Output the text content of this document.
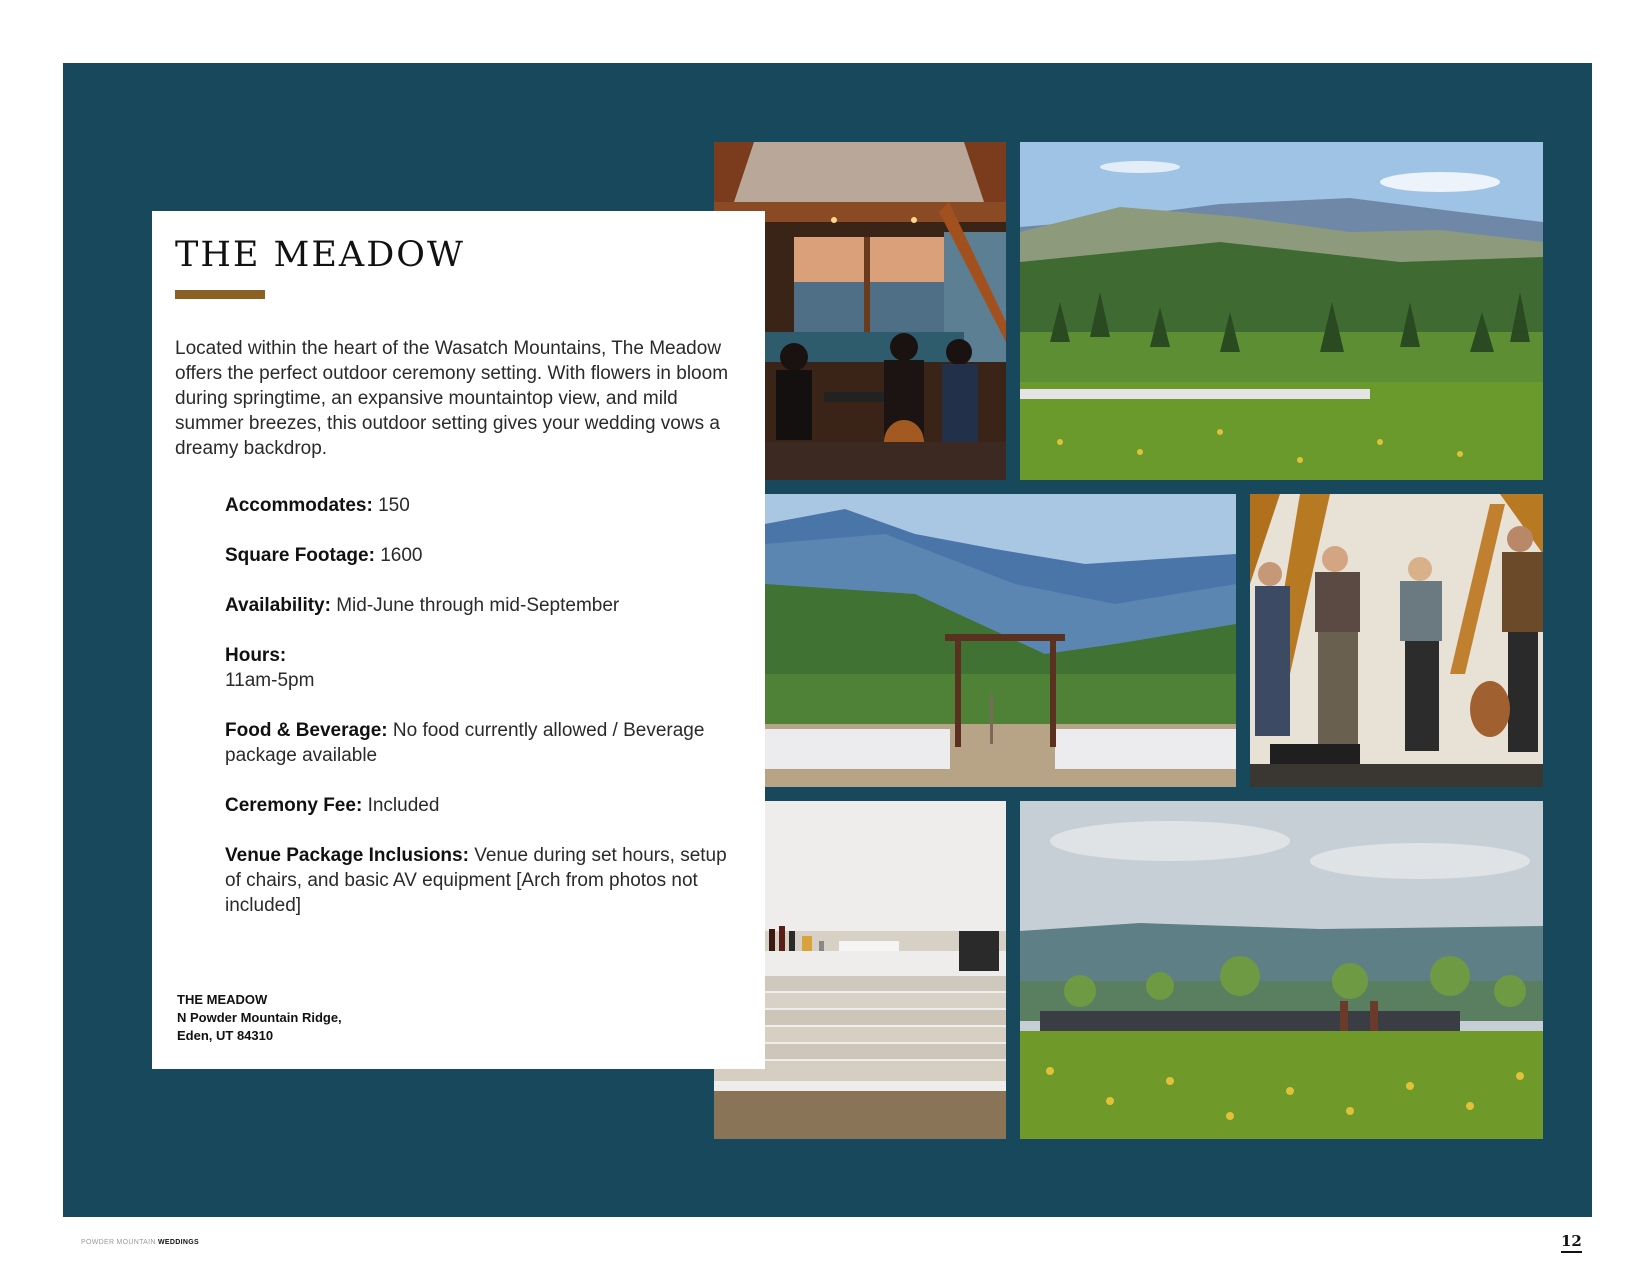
THE MEADOW

Located within the heart of the Wasatch Mountains, The Meadow offers the perfect outdoor ceremony setting. With flowers in bloom during springtime, an expansive mountaintop view, and mild summer breezes, this outdoor setting gives your wedding vows a dreamy backdrop.

Accommodates: 150

Square Footage: 1600

Availability: Mid-June through mid-September

Hours:
11am-5pm

Food & Beverage: No food currently allowed / Beverage package available

Ceremony Fee: Included

Venue Package Inclusions: Venue during set hours, setup of chairs, and basic AV equipment [Arch from photos not included]

THE MEADOW
N Powder Mountain Ridge,
Eden, UT 84310
POWDER MOUNTAIN WEDDINGS	12
